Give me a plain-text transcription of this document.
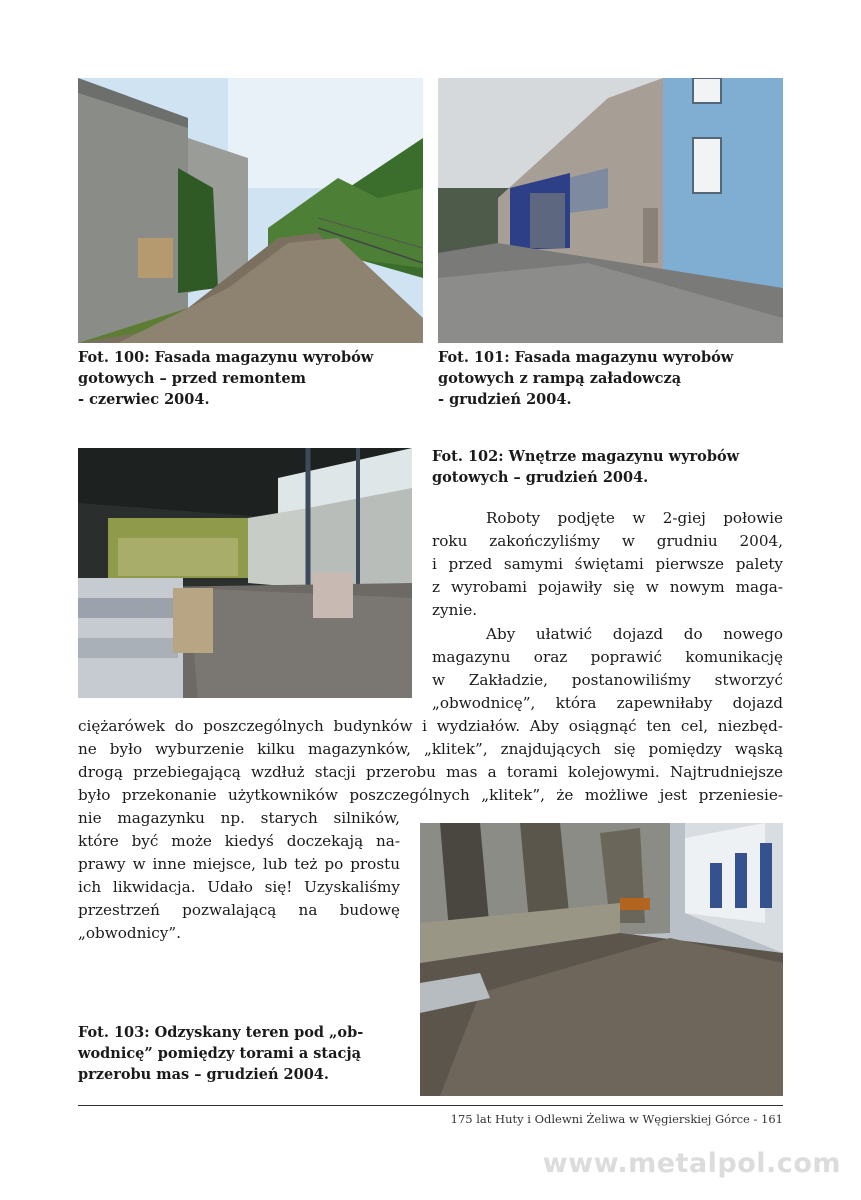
Fot. 100: Fasada magazynu wyrobów
gotowych – przed remontem
- czerwiec 2004.
Fot. 101: Fasada magazynu wyrobów
gotowych z rampą załadowczą
- grudzień 2004.
Fot. 102: Wnętrze magazynu wyrobów
gotowych – grudzień 2004.
Roboty podjęte w 2-giej połowie
roku zakończyliśmy w grudniu 2004,
i przed samymi świętami pierwsze palety
z wyrobami pojawiły się w nowym maga-
zynie.
Aby ułatwić dojazd do nowego
magazynu oraz poprawić komunikację
w Zakładzie, postanowiliśmy stworzyć
„obwodnicę”, która zapewniłaby dojazd
ciężarówek do poszczególnych budynków i wydziałów. Aby osiągnąć ten cel, niezbęd-
ne było wyburzenie kilku magazynków, „klitek”, znajdujących się pomiędzy wąską
drogą przebiegającą wzdłuż stacji przerobu mas a torami kolejowymi. Najtrudniejsze
było przekonanie użytkowników poszczególnych „klitek”, że możliwe jest przeniesie-
nie magazynku np. starych silników,
które być może kiedyś doczekają na-
prawy w inne miejsce, lub też po prostu
ich likwidacja. Udało się! Uzyskaliśmy
przestrzeń pozwalającą na budowę
„obwodnicy”.
Fot. 103: Odzyskany teren pod „ob-
wodnicę” pomiędzy torami a stacją
przerobu mas – grudzień 2004.
175 lat Huty i Odlewni Żeliwa w Węgierskiej Górce - 161
www.metalpol.com
